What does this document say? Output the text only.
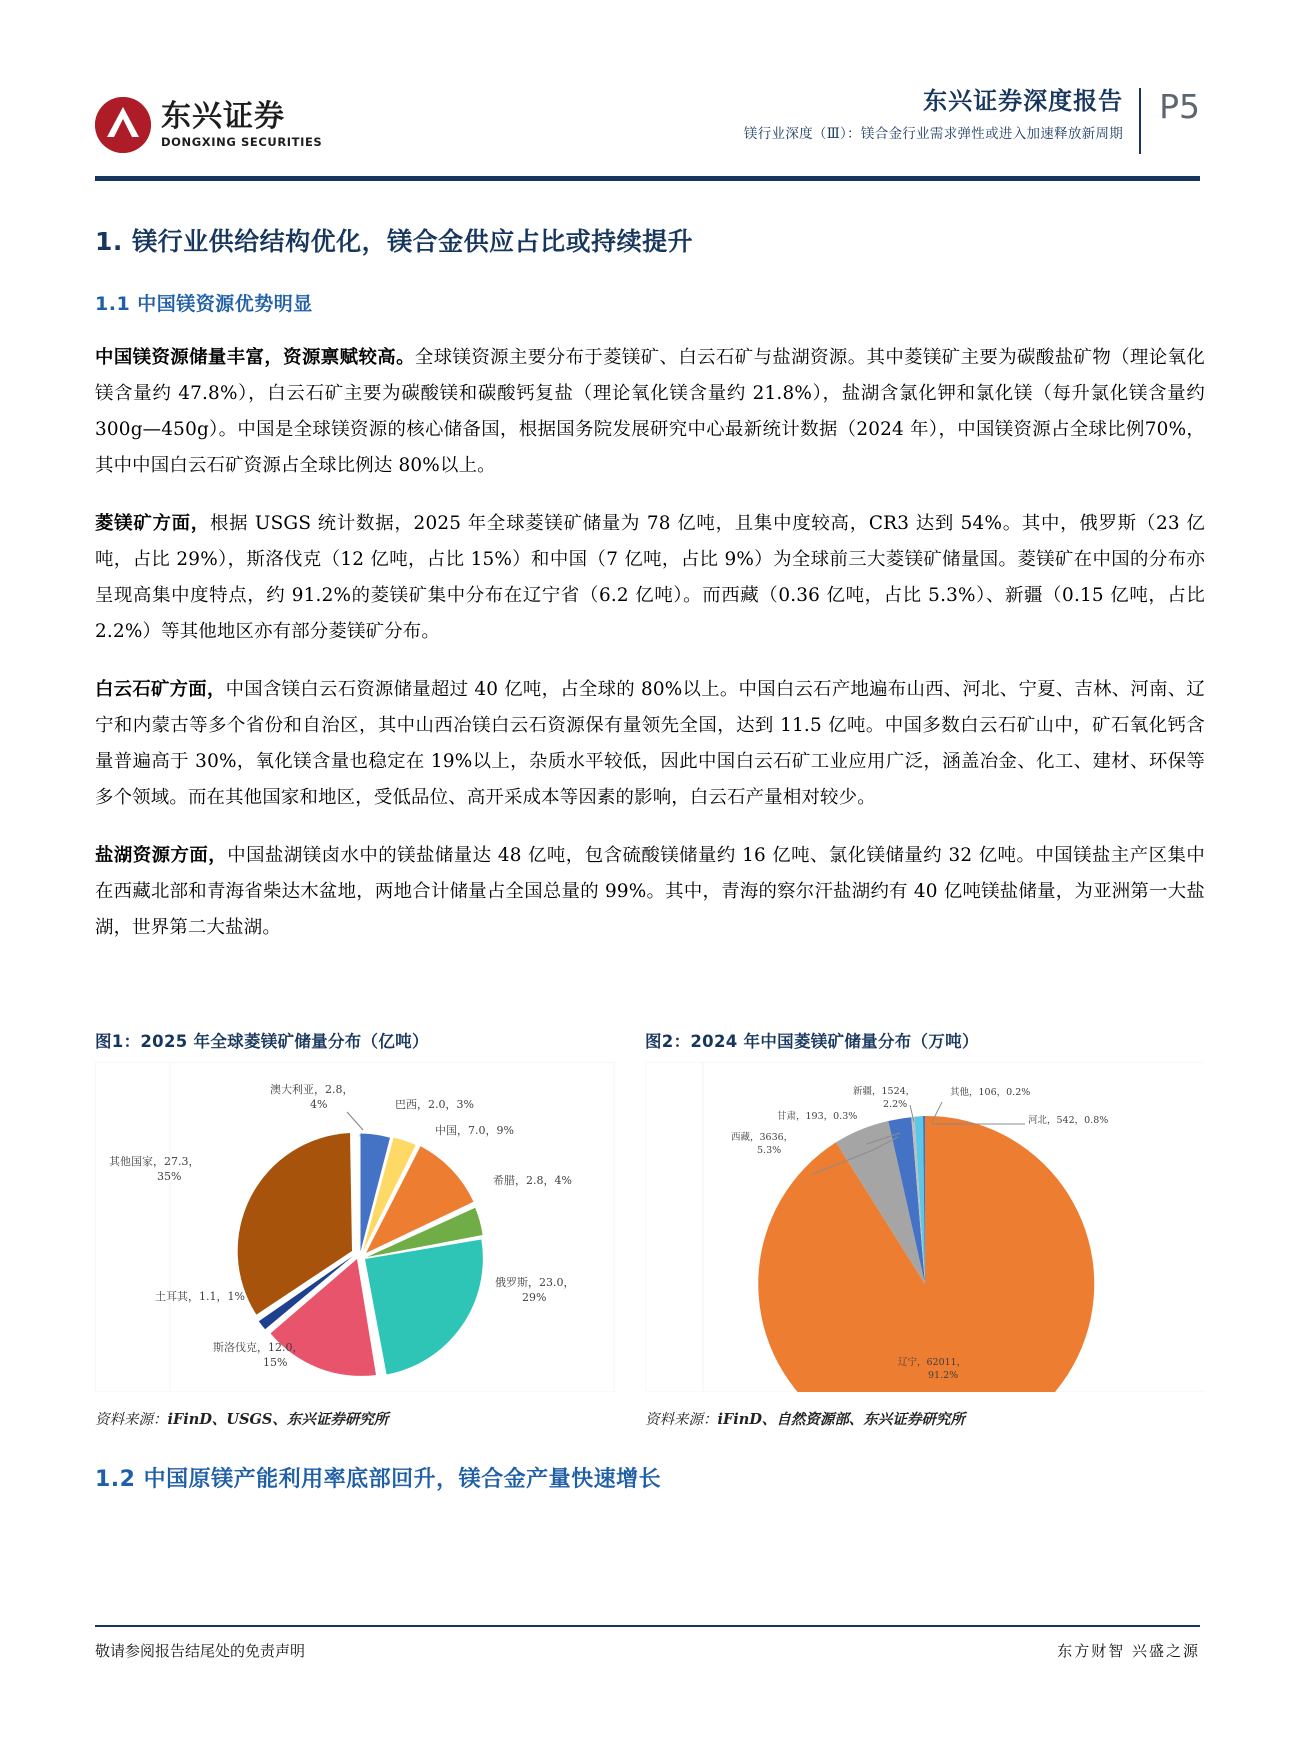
东兴证券
DONGXING SECURITIES
东兴证券深度报告
镁行业深度（Ⅲ）：镁合金行业需求弹性或进入加速释放新周期
P5
1. 镁行业供给结构优化，镁合金供应占比或持续提升
1.1 中国镁资源优势明显

中国镁资源储量丰富，资源禀赋较高。全球镁资源主要分布于菱镁矿、白云石矿与盐湖资源。其中菱镁矿主要为碳酸盐矿物（理论氧化镁含量约 47.8%），白云石矿主要为碳酸镁和碳酸钙复盐（理论氧化镁含量约 21.8%），盐湖含氯化钾和氯化镁（每升氯化镁含量约 300g—450g）。中国是全球镁资源的核心储备国，根据国务院发展研究中心最新统计数据（2024 年），中国镁资源占全球比例70%，其中中国白云石矿资源占全球比例达 80%以上。

菱镁矿方面，根据 USGS 统计数据，2025 年全球菱镁矿储量为 78 亿吨，且集中度较高，CR3 达到 54%。其中，俄罗斯（23 亿吨，占比 29%），斯洛伐克（12 亿吨，占比 15%）和中国（7 亿吨，占比 9%）为全球前三大菱镁矿储量国。菱镁矿在中国的分布亦呈现高集中度特点，约 91.2%的菱镁矿集中分布在辽宁省（6.2 亿吨）。而西藏（0.36 亿吨，占比 5.3%）、新疆（0.15 亿吨，占比 2.2%）等其他地区亦有部分菱镁矿分布。

白云石矿方面，中国含镁白云石资源储量超过 40 亿吨，占全球的 80%以上。中国白云石产地遍布山西、河北、宁夏、吉林、河南、辽宁和内蒙古等多个省份和自治区，其中山西冶镁白云石资源保有量领先全国，达到 11.5 亿吨。中国多数白云石矿山中，矿石氧化钙含量普遍高于 30%，氧化镁含量也稳定在 19%以上，杂质水平较低，因此中国白云石矿工业应用广泛，涵盖冶金、化工、建材、环保等多个领域。而在其他国家和地区，受低品位、高开采成本等因素的影响，白云石产量相对较少。

盐湖资源方面，中国盐湖镁卤水中的镁盐储量达 48 亿吨，包含硫酸镁储量约 16 亿吨、氯化镁储量约 32 亿吨。中国镁盐主产区集中在西藏北部和青海省柴达木盆地，两地合计储量占全国总量的 99%。其中，青海的察尔汗盐湖约有 40 亿吨镁盐储量，为亚洲第一大盐湖，世界第二大盐湖。

图1：2025 年全球菱镁矿储量分布（亿吨）
澳大利亚，2.8，
4%	巴西，2.0，3%
中国，7.0，9%
希腊，2.8，4%
俄罗斯，23.0，
29%
斯洛伐克，12.0，
15%
土耳其，1.1，1%
其他国家，27.3，
35%
资料来源：iFinD、USGS、东兴证券研究所
图2：2024 年中国菱镁矿储量分布（万吨）
新疆，1524，
2.2%
其他，106，0.2%
甘肃，193，0.3%	河北，542，0.8%
西藏，3636，
5.3%
辽宁，62011，
91.2%
资料来源：iFinD、自然资源部、东兴证券研究所
1.2 中国原镁产能利用率底部回升，镁合金产量快速增长
敬请参阅报告结尾处的免责声明	东方财智 兴盛之源
